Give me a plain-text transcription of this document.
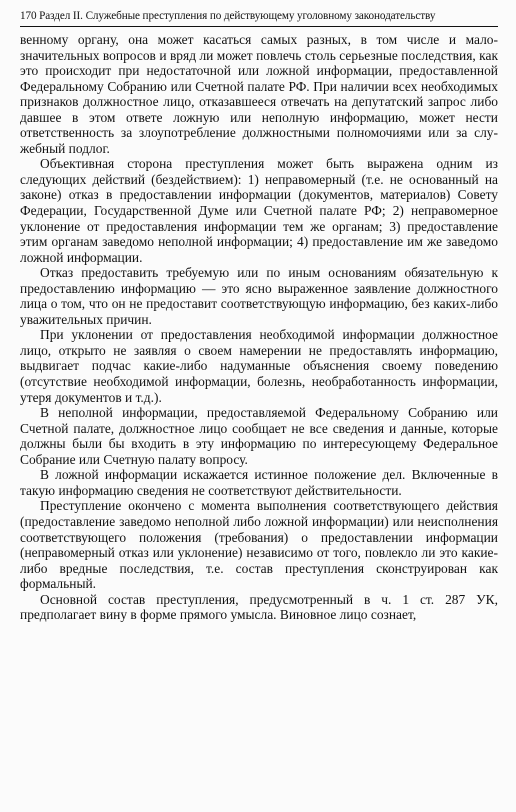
170 Раздел II. Служебные преступления по действующему уголовному законодательству

венному органу, она может касаться самых разных, в том числе и малозначительных вопросов и вряд ли может повлечь столь серьезные последствия, как это происходит при недостаточной или ложной информации, предоставленной Федеральному Собранию или Счетной палате РФ. При наличии всех необходимых признаков должностное лицо, отказавшееся отвечать на депутатский запрос либо давшее в этом ответе ложную или неполную информацию, может нести ответственность за злоупотребление должностными полномочиями или за служебный подлог.

Объективная сторона преступления может быть выражена одним из следующих действий (бездействием): 1) неправомерный (т.е. не основанный на законе) отказ в предоставлении информации (документов, материалов) Совету Федерации, Государственной Думе или Счетной палате РФ; 2) неправомерное уклонение от предоставления информации тем же органам; 3) предоставление этим органам заведомо неполной информации; 4) предоставление им же заведомо ложной информации.

Отказ предоставить требуемую или по иным основаниям обязательную к предоставлению информацию — это ясно выраженное заявление должностного лица о том, что он не предоставит соответствующую информацию, без каких-либо уважительных причин.

При уклонении от предоставления необходимой информации должностное лицо, открыто не заявляя о своем намерении не предоставлять информацию, выдвигает подчас какие-либо надуманные объяснения своему поведению (отсутствие необходимой информации, болезнь, необработанность информации, утеря документов и т.д.).

В неполной информации, предоставляемой Федеральному Собранию или Счетной палате, должностное лицо сообщает не все сведения и данные, которые должны были бы входить в эту информацию по интересующему Федеральное Собрание или Счетную палату вопросу.

В ложной информации искажается истинное положение дел. Включенные в такую информацию сведения не соответствуют действительности.

Преступление окончено с момента выполнения соответствующего действия (предоставление заведомо неполной либо ложной информации) или неисполнения соответствующего положения (требования) о предоставлении информации (неправомерный отказ или уклонение) независимо от того, повлекло ли это какие-либо вредные последствия, т.е. состав преступления сконструирован как формальный.

Основной состав преступления, предусмотренный в ч. 1 ст. 287 УК, предполагает вину в форме прямого умысла. Виновное лицо сознает,
